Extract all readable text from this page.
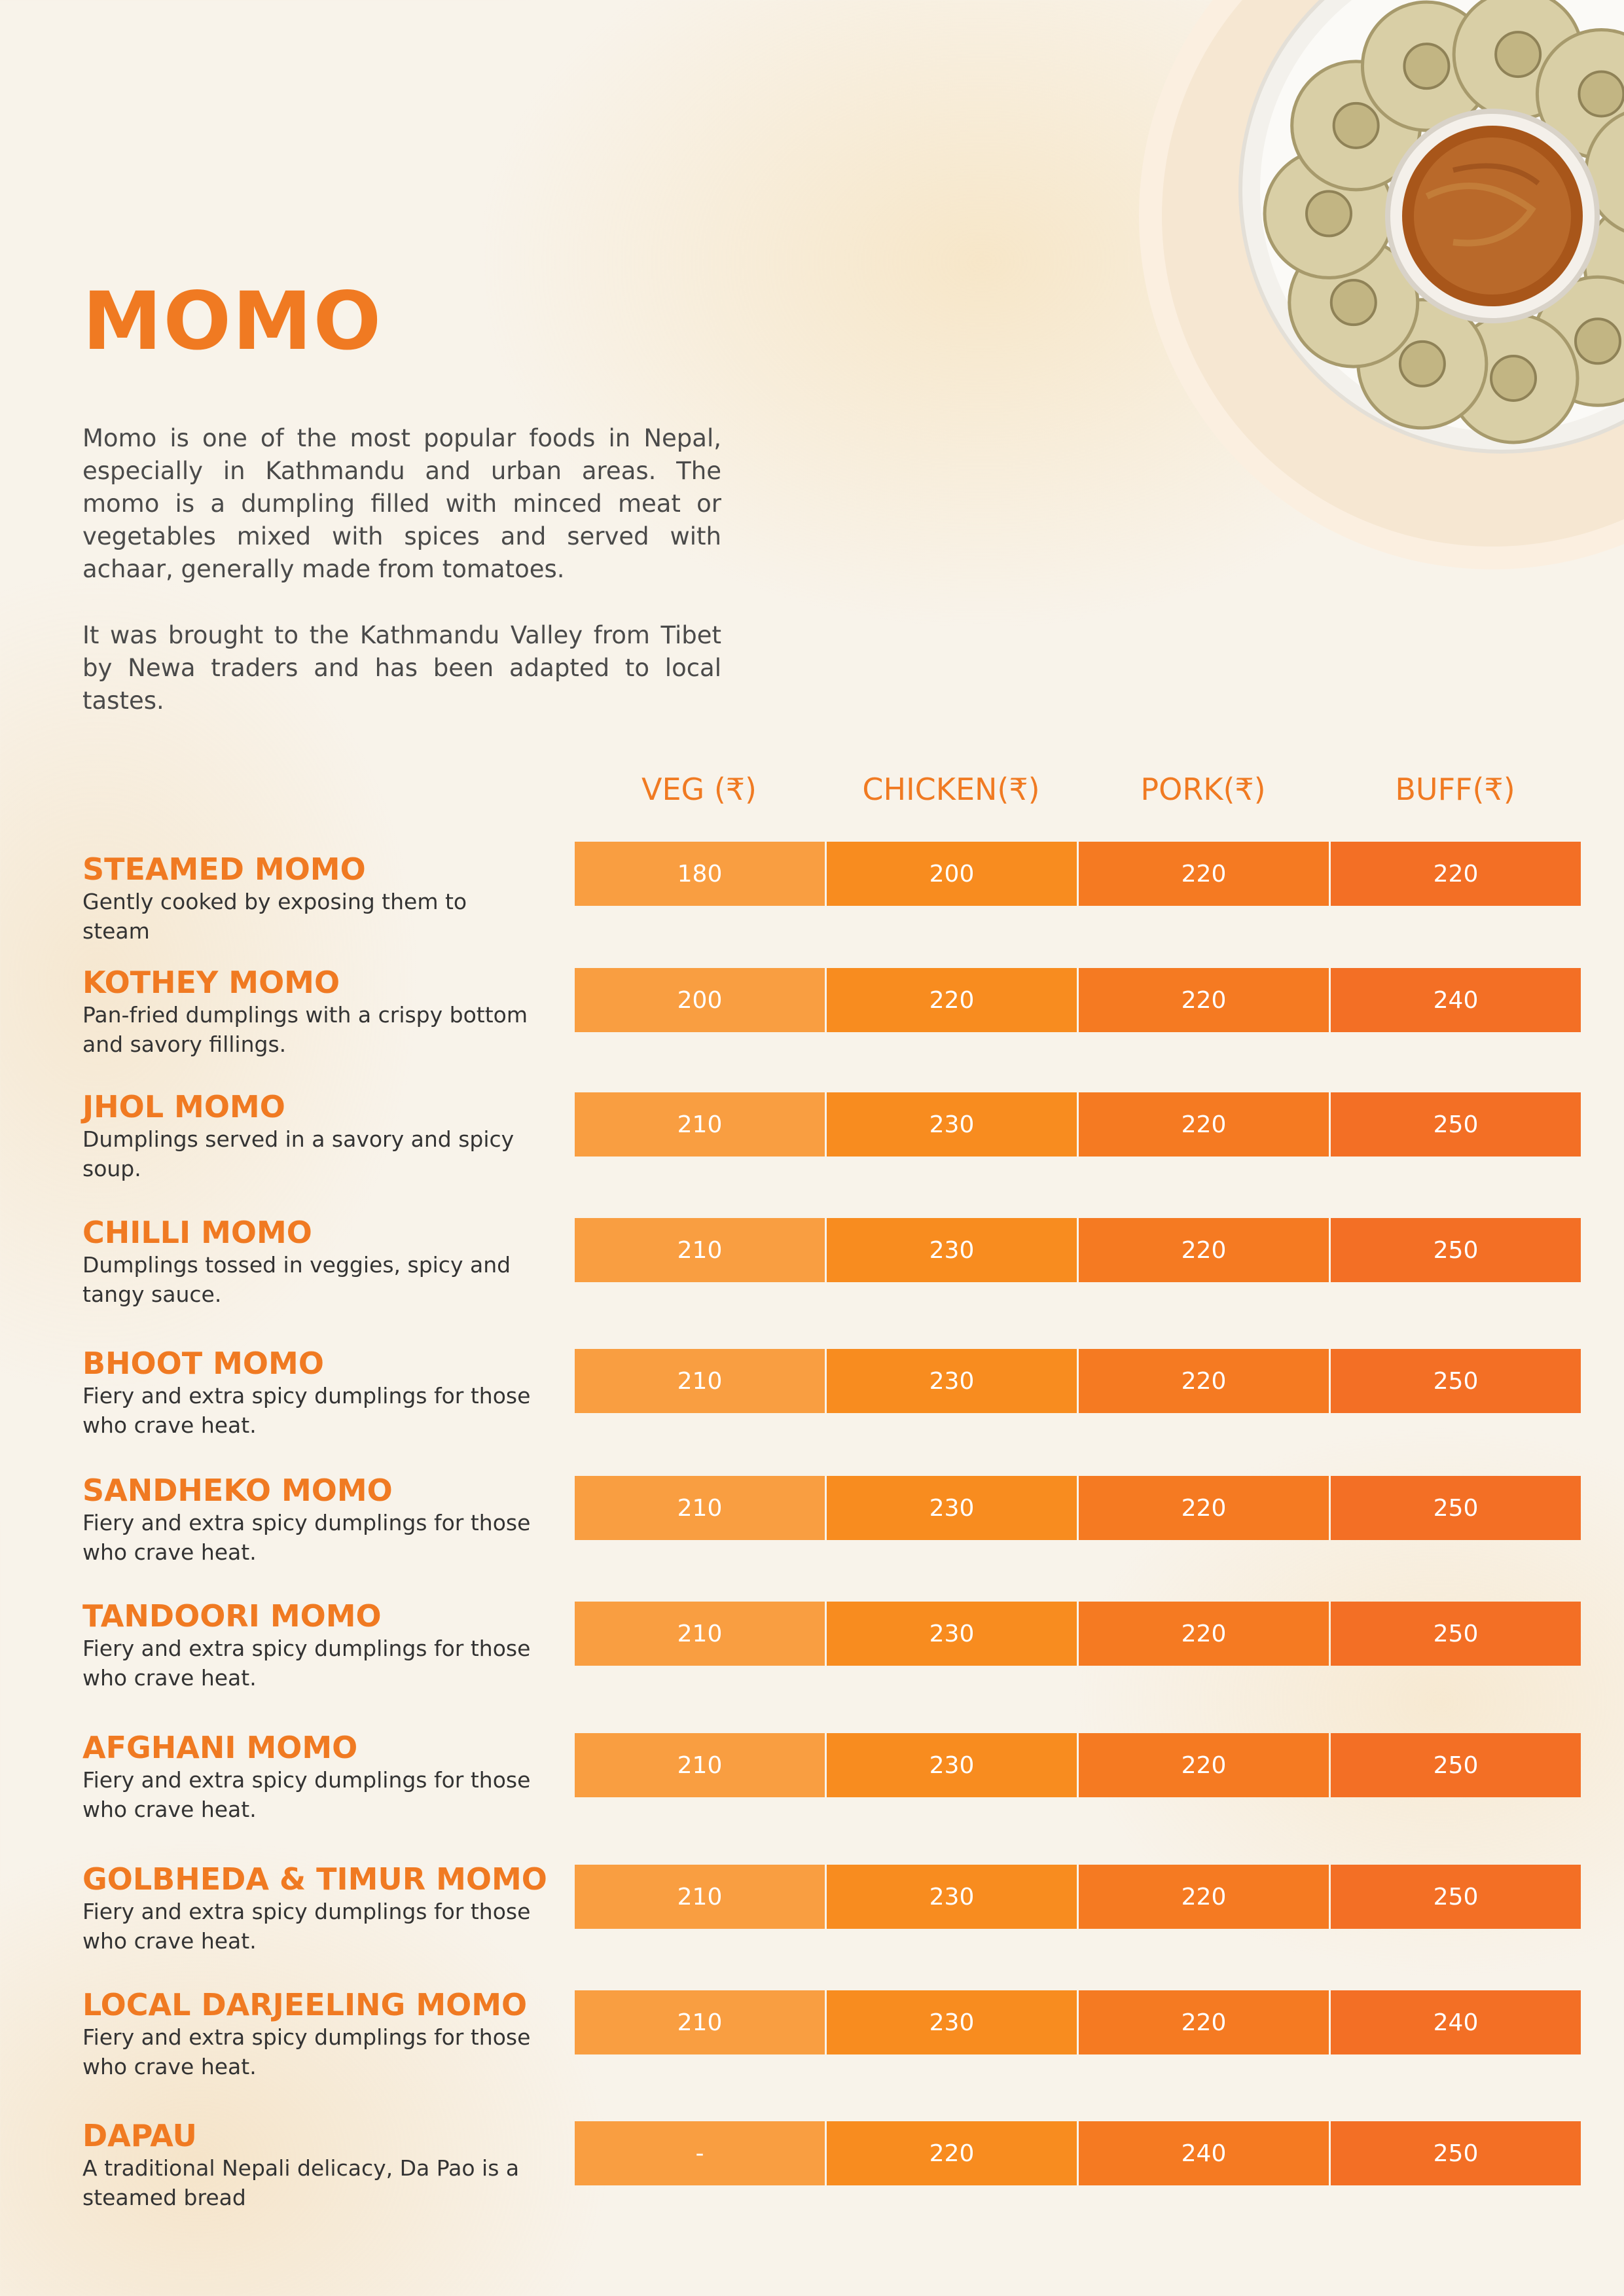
MOMO

Momo is one of the most popular foods in Nepal, especially in Kathmandu and urban areas. The momo is a dumpling filled with minced meat or vegetables mixed with spices and served with achaar, generally made from tomatoes.

It was brought to the Kathmandu Valley from Tibet by Newa traders and has been adapted to local tastes.

VEG (₹)	CHICKEN(₹)	PORK(₹)	BUFF(₹)
STEAMED MOMO

Gently cooked by exposing them to steam

180	200	220	220
KOTHEY MOMO

Pan-fried dumplings with a crispy bottom and savory fillings.

200	220	220	240
JHOL MOMO

Dumplings served in a savory and spicy soup.

210	230	220	250
CHILLI MOMO

Dumplings tossed in veggies, spicy and tangy sauce.

210	230	220	250
BHOOT MOMO

Fiery and extra spicy dumplings for those who crave heat.

210	230	220	250
SANDHEKO MOMO

Fiery and extra spicy dumplings for those who crave heat.

210	230	220	250
TANDOORI MOMO

Fiery and extra spicy dumplings for those who crave heat.

210	230	220	250
AFGHANI MOMO

Fiery and extra spicy dumplings for those who crave heat.

210	230	220	250
GOLBHEDA & TIMUR MOMO

Fiery and extra spicy dumplings for those who crave heat.

210	230	220	250
LOCAL DARJEELING MOMO

Fiery and extra spicy dumplings for those who crave heat.

210	230	220	240
DAPAU

A traditional Nepali delicacy, Da Pao is a steamed bread

-	220	240	250
